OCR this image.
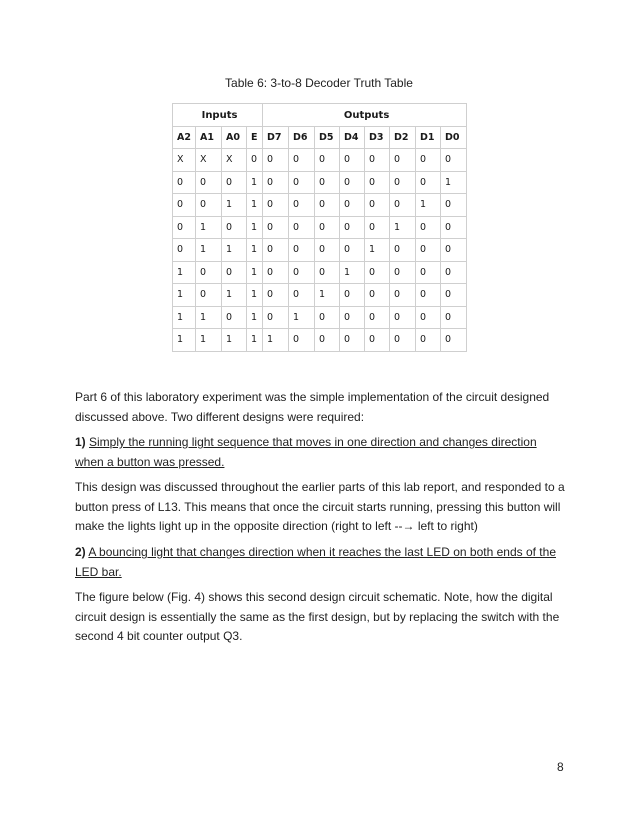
Table 6: 3-to-8 Decoder Truth Table
Inputs				Outputs							
A2	A1	A0	E	D7	D6	D5	D4	D3	D2	D1	D0
X	X	X	0	0	0	0	0	0	0	0	0
0	0	0	1	0	0	0	0	0	0	0	1
0	0	1	1	0	0	0	0	0	0	1	0
0	1	0	1	0	0	0	0	0	1	0	0
0	1	1	1	0	0	0	0	1	0	0	0
1	0	0	1	0	0	0	1	0	0	0	0
1	0	1	1	0	0	1	0	0	0	0	0
1	1	0	1	0	1	0	0	0	0	0	0
1	1	1	1	1	0	0	0	0	0	0	0

Part 6 of this laboratory experiment was the simple implementation of the circuit designed discussed above. Two different designs were required:

1) Simply the running light sequence that moves in one direction and changes direction when a button was pressed.

This design was discussed throughout the earlier parts of this lab report, and responded to a button press of L13. This means that once the circuit starts running, pressing this button will make the lights light up in the opposite direction (right to left --→ left to right)

2) A bouncing light that changes direction when it reaches the last LED on both ends of the LED bar.

The figure below (Fig. 4) shows this second design circuit schematic. Note, how the digital circuit design is essentially the same as the first design, but by replacing the switch with the second 4 bit counter output Q3.

8
